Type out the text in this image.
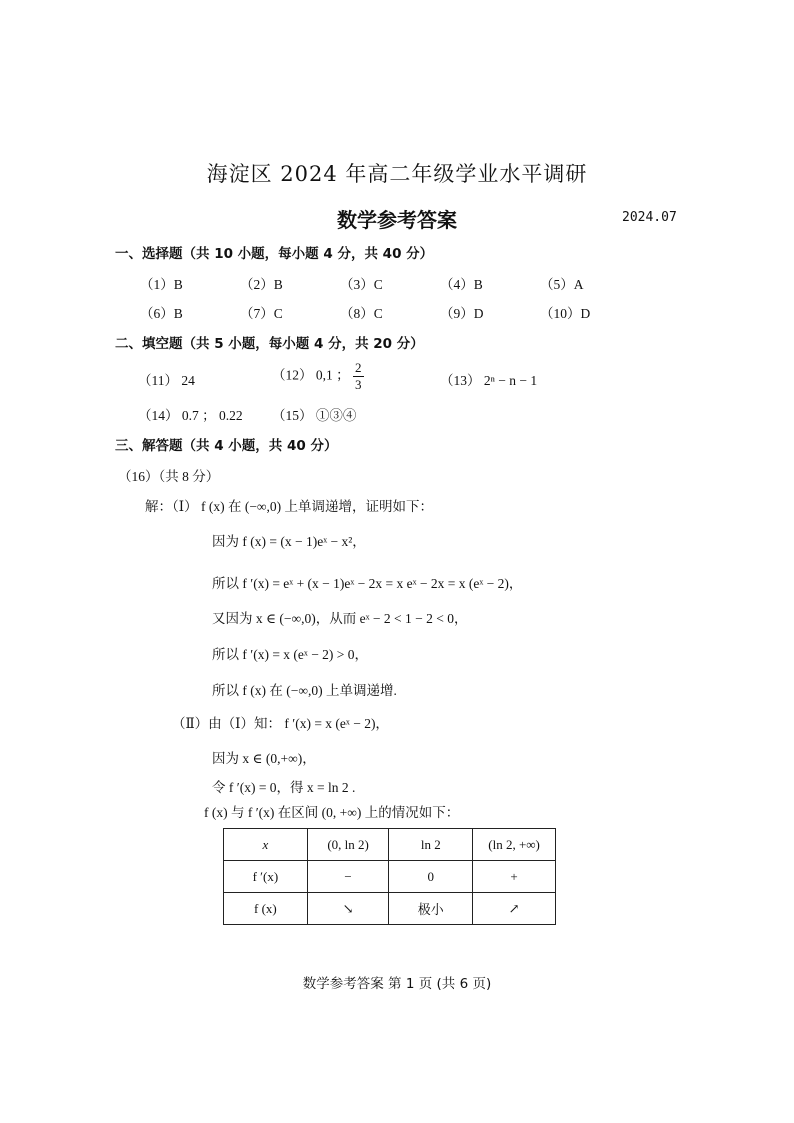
海淀区 2024 年高二年级学业水平调研
数学参考答案	2024.07
一、选择题（共 10 小题，每小题 4 分，共 40 分）
（1）B	（2）B	（3）C	（4）B	（5）A
（6）B	（7）C	（8）C	（9）D	（10）D
二、填空题（共 5 小题，每小题 4 分，共 20 分）
（11） 24	（12） 0,1 ； $\frac{2}{3}$	（13） 2ⁿ − n − 1
（14） 0.7 ； 0.22 （15） ①③④
三、解答题（共 4 小题，共 40 分）
（16）（共 8 分）
解：（Ⅰ） f (x) 在 (−∞,0) 上单调递增，证明如下：
因为 f (x) = (x − 1)eˣ − x²，
所以 f ′(x) = eˣ + (x − 1)eˣ − 2x = x eˣ − 2x = x (eˣ − 2)，
又因为 x ∈ (−∞,0)，从而 eˣ − 2 < 1 − 2 < 0，
所以 f ′(x) = x (eˣ − 2) > 0，
所以 f (x) 在 (−∞,0) 上单调递增.
（Ⅱ）由（Ⅰ）知： f ′(x) = x (eˣ − 2)，
因为 x ∈ (0,+∞)，
令 f ′(x) = 0，得 x = ln 2 .
f (x) 与 f ′(x) 在区间 (0, +∞) 上的情况如下：
x	(0, ln 2)	ln 2	(ln 2, +∞)
f ′(x)	−	0	+
f (x)	↘	极小	↗
数学参考答案 第 1 页 (共 6 页)
